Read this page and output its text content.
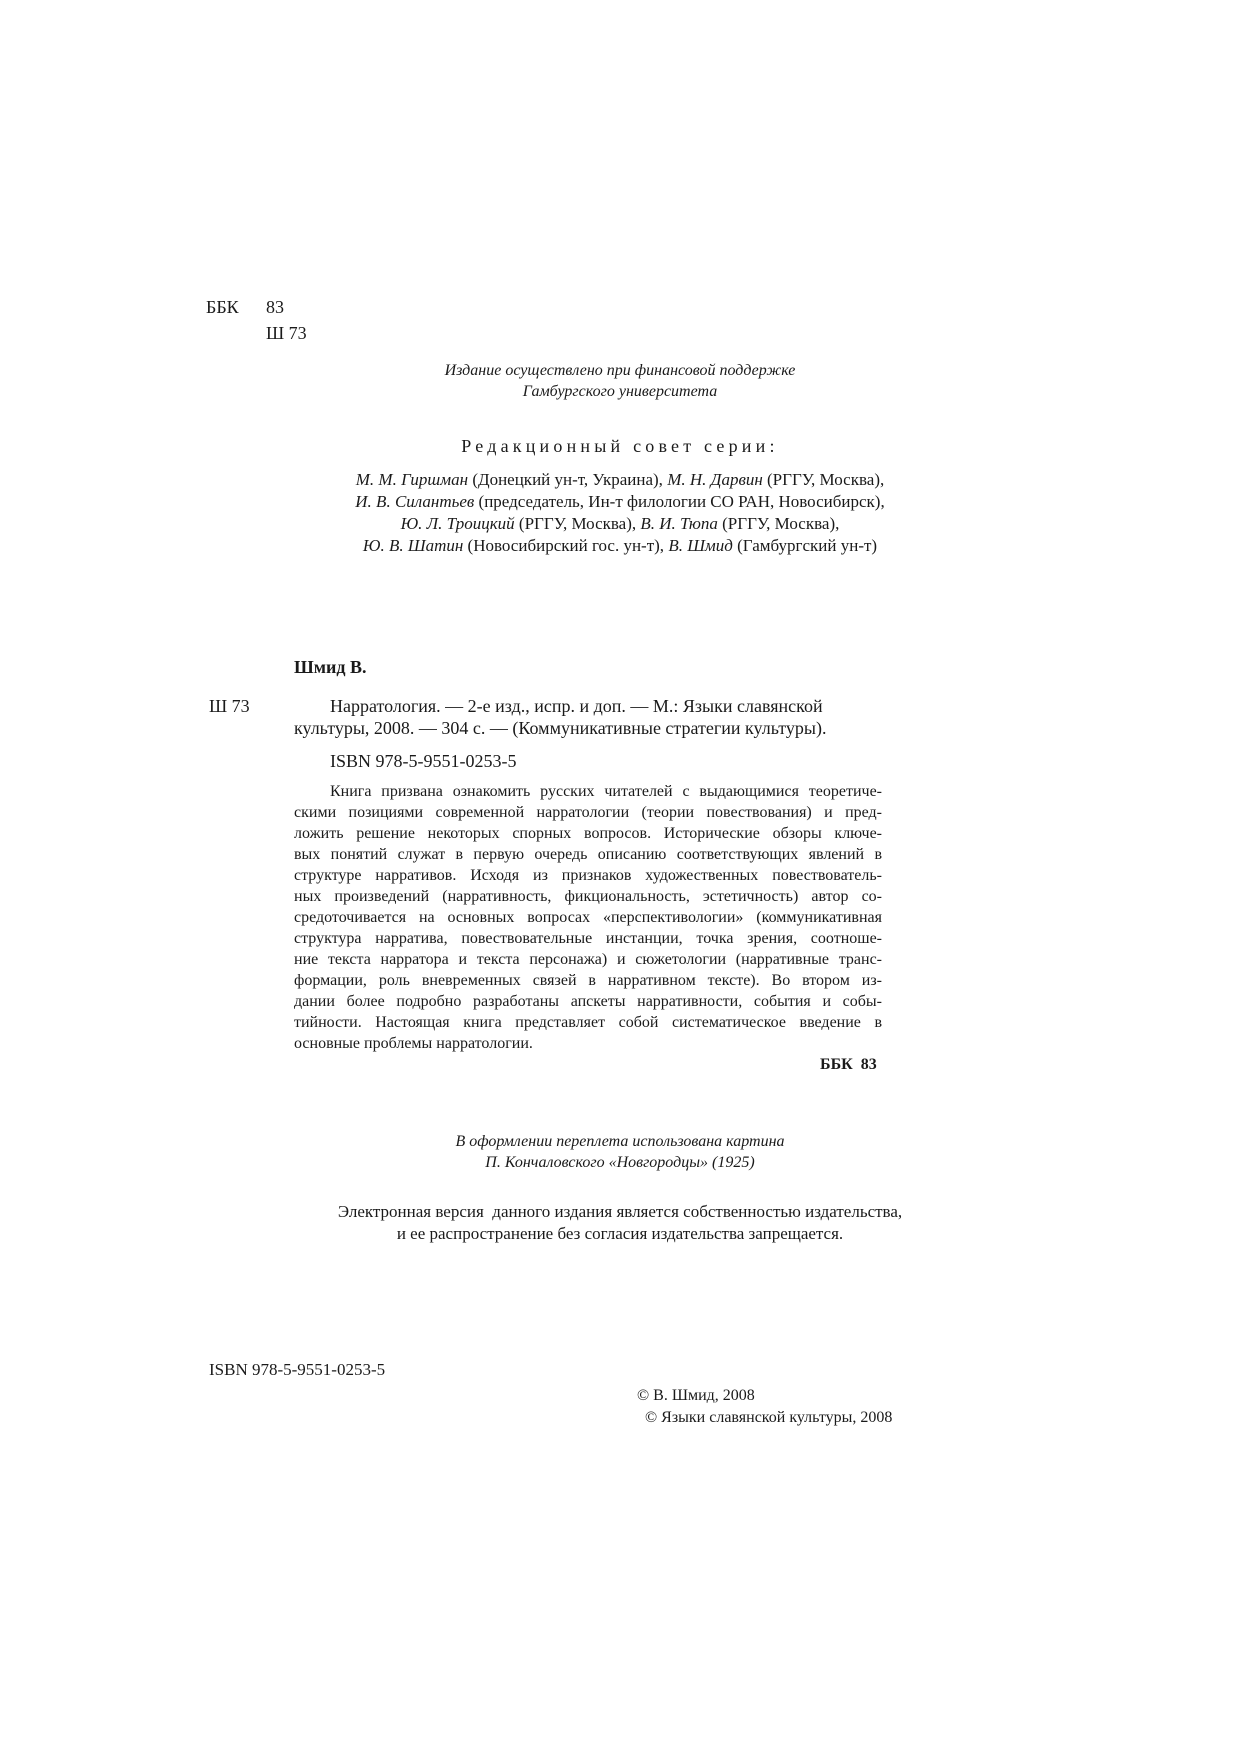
ББК 83
Ш 73
Издание осуществлено при финансовой поддержке
Гамбургского университета
Редакционный совет серии:
М. М. Гиршман (Донецкий ун-т, Украина), М. Н. Дарвин (РГГУ, Москва),
И. В. Силантьев (председатель, Ин-т филологии СО РАН, Новосибирск),
Ю. Л. Троицкий (РГГУ, Москва), В. И. Тюпа (РГГУ, Москва),
Ю. В. Шатин (Новосибирский гос. ун-т), В. Шмид (Гамбургский ун-т)
Шмид В.
Ш 73	Нарратология. — 2-е изд., испр. и доп. — М.: Языки славянской
культуры, 2008. — 304 с. — (Коммуникативные стратегии культуры).
ISBN 978-5-9551-0253-5
Книга призвана ознакомить русских читателей с выдающимися теоретиче-
скими позициями современной нарратологии (теории повествования) и пред-
ложить решение некоторых спорных вопросов. Исторические обзоры ключе-
вых понятий служат в первую очередь описанию соответствующих явлений в
структуре нарративов. Исходя из признаков художественных повествователь-
ных произведений (нарративность, фикциональность, эстетичность) автор со-
средоточивается на основных вопросах «перспективологии» (коммуникативная
структура нарратива, повествовательные инстанции, точка зрения, соотноше-
ние текста нарратора и текста персонажа) и сюжетологии (нарративные транс-
формации, роль вневременных связей в нарративном тексте). Во втором из-
дании более подробно разработаны апскеты нарративности, события и собы-
тийности. Настоящая книга представляет собой систематическое введение в
основные проблемы нарратологии.
ББК  83
В оформлении переплета использована картина
П. Кончаловского «Новгородцы» (1925)
Электронная версия  данного издания является собственностью издательства,
и ее распространение без согласия издательства запрещается.
ISBN 978-5-9551-0253-5
© В. Шмид, 2008
© Языки славянской культуры, 2008
